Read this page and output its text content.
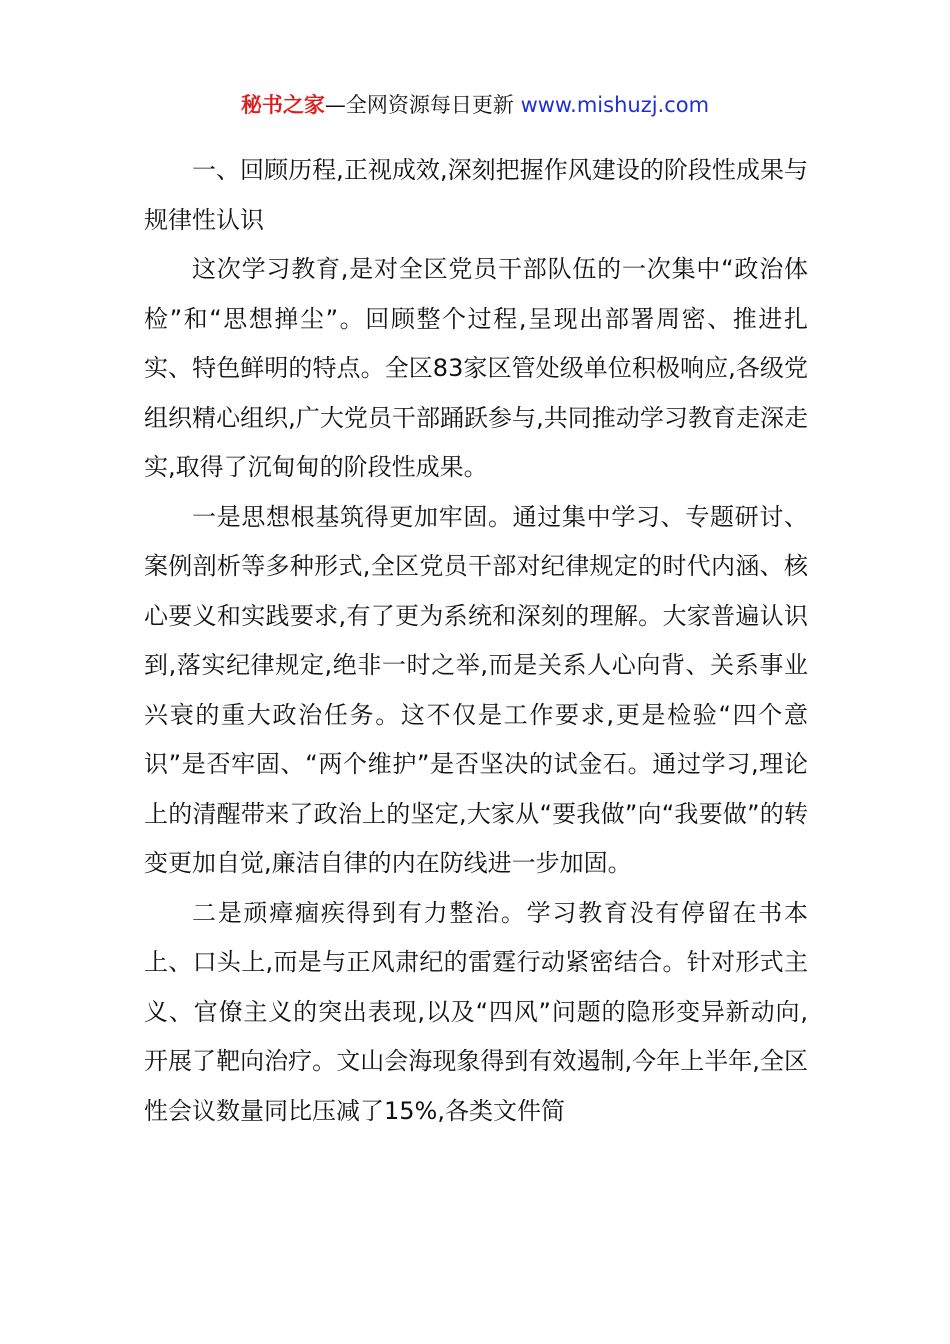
秘书之家—全网资源每日更新 www.mishuzj.com

一、回顾历程,正视成效,深刻把握作风建设的阶段性成果与规律性认识

这次学习教育,是对全区党员干部队伍的一次集中“政治体检”和“思想掸尘”。回顾整个过程,呈现出部署周密、推进扎实、特色鲜明的特点。全区83家区管处级单位积极响应,各级党组织精心组织,广大党员干部踊跃参与,共同推动学习教育走深走实,取得了沉甸甸的阶段性成果。

一是思想根基筑得更加牢固。通过集中学习、专题研讨、案例剖析等多种形式,全区党员干部对纪律规定的时代内涵、核心要义和实践要求,有了更为系统和深刻的理解。大家普遍认识到,落实纪律规定,绝非一时之举,而是关系人心向背、关系事业兴衰的重大政治任务。这不仅是工作要求,更是检验“四个意识”是否牢固、“两个维护”是否坚决的试金石。通过学习,理论上的清醒带来了政治上的坚定,大家从“要我做”向“我要做”的转变更加自觉,廉洁自律的内在防线进一步加固。

二是顽瘴痼疾得到有力整治。学习教育没有停留在书本上、口头上,而是与正风肃纪的雷霆行动紧密结合。针对形式主义、官僚主义的突出表现,以及“四风”问题的隐形变异新动向,开展了靶向治疗。文山会海现象得到有效遏制,今年上半年,全区性会议数量同比压减了15%,各类文件简
